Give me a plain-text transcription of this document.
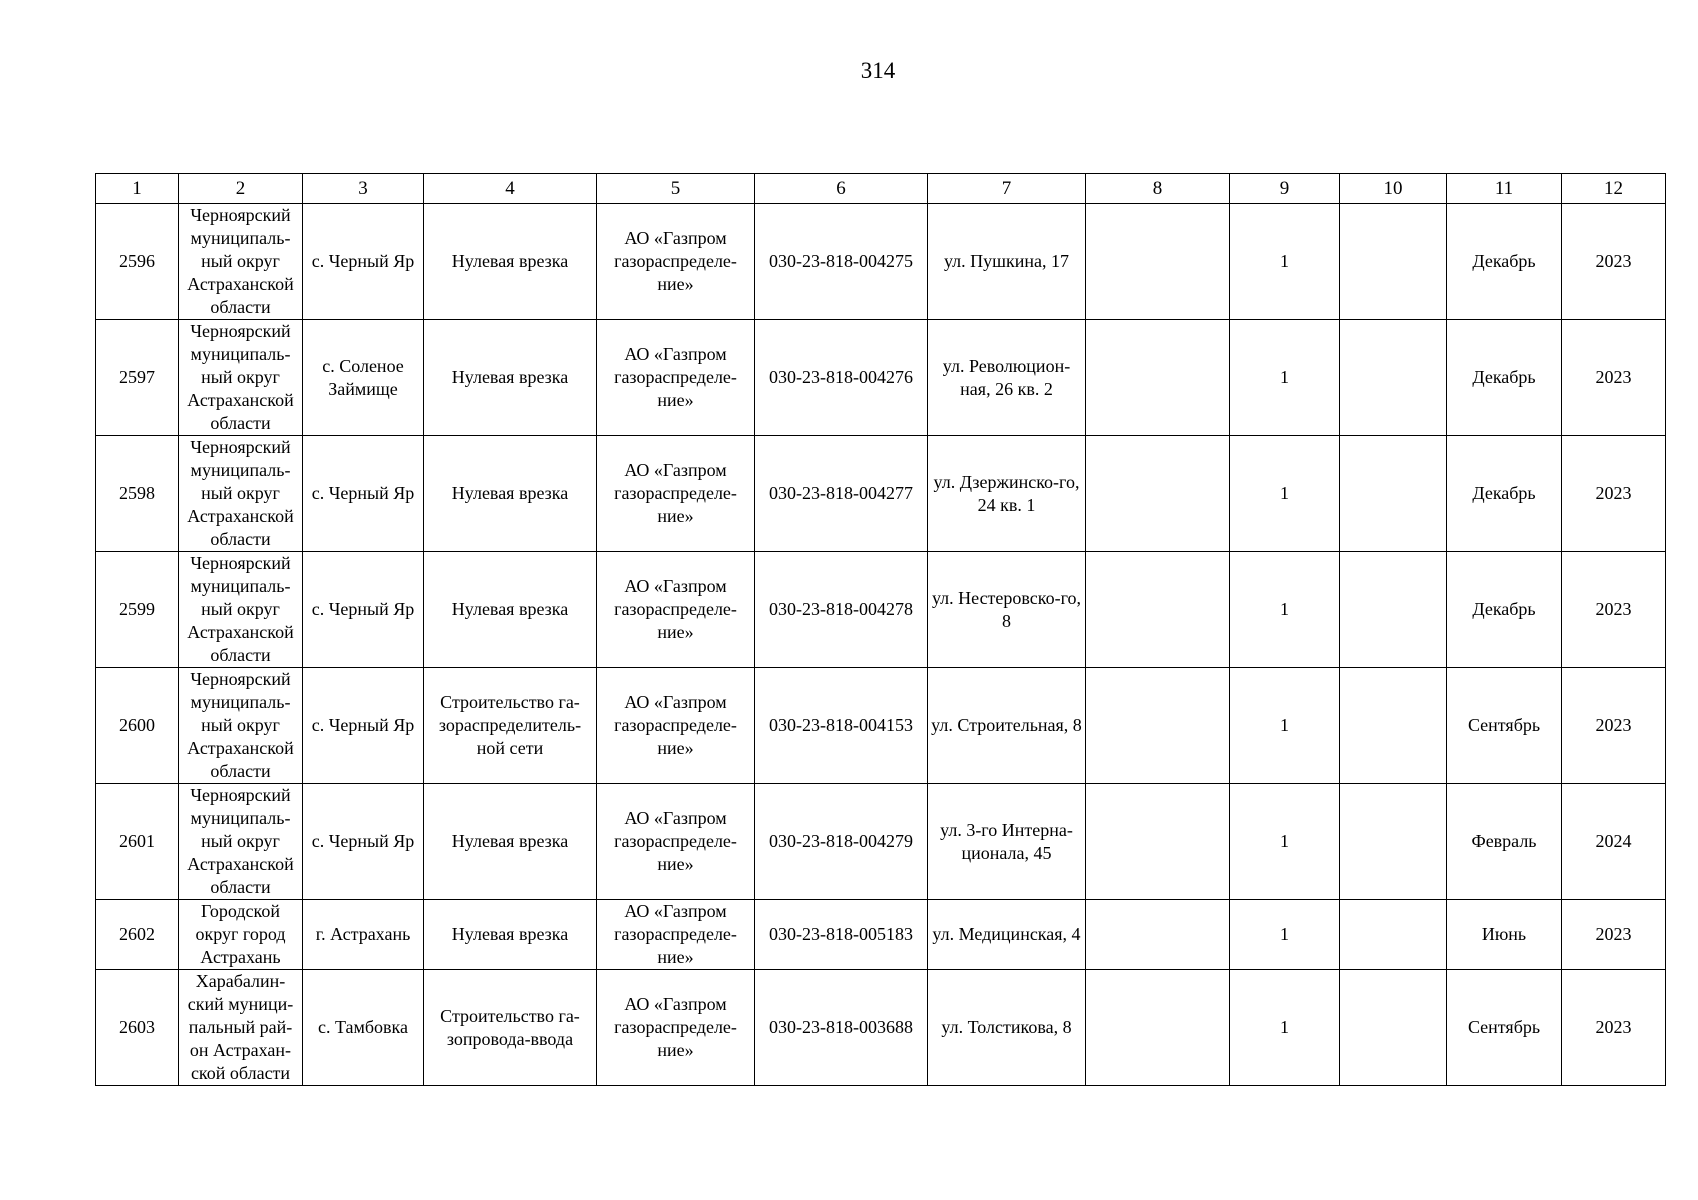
314
1	2	3	4	5	6	7	8	9	10	11	12
2596	Черноярский муниципаль-ный округ Астраханской области	с. Черный Яр	Нулевая врезка	АО «Газпром газораспределе-ние»	030-23-818-004275	ул. Пушкина, 17		1		Декабрь	2023
2597	Черноярский муниципаль-ный округ Астраханской области	с. Соленое Займище	Нулевая врезка	АО «Газпром газораспределе-ние»	030-23-818-004276	ул. Революцион-ная, 26 кв. 2		1		Декабрь	2023
2598	Черноярский муниципаль-ный округ Астраханской области	с. Черный Яр	Нулевая врезка	АО «Газпром газораспределе-ние»	030-23-818-004277	ул. Дзержинско-го, 24 кв. 1		1		Декабрь	2023
2599	Черноярский муниципаль-ный округ Астраханской области	с. Черный Яр	Нулевая врезка	АО «Газпром газораспределе-ние»	030-23-818-004278	ул. Нестеровско-го, 8		1		Декабрь	2023
2600	Черноярский муниципаль-ный округ Астраханской области	с. Черный Яр	Строительство га-зораспределитель-ной сети	АО «Газпром газораспределе-ние»	030-23-818-004153	ул. Строительная, 8		1		Сентябрь	2023
2601	Черноярский муниципаль-ный округ Астраханской области	с. Черный Яр	Нулевая врезка	АО «Газпром газораспределе-ние»	030-23-818-004279	ул. 3-го Интерна-ционала, 45		1		Февраль	2024
2602	Городской округ город Астрахань	г. Астрахань	Нулевая врезка	АО «Газпром газораспределе-ние»	030-23-818-005183	ул. Медицинская, 4		1		Июнь	2023
2603	Харабалин-ский муници-пальный рай-он Астрахан-ской области	с. Тамбовка	Строительство га-зопровода-ввода	АО «Газпром газораспределе-ние»	030-23-818-003688	ул. Толстикова, 8		1		Сентябрь	2023
